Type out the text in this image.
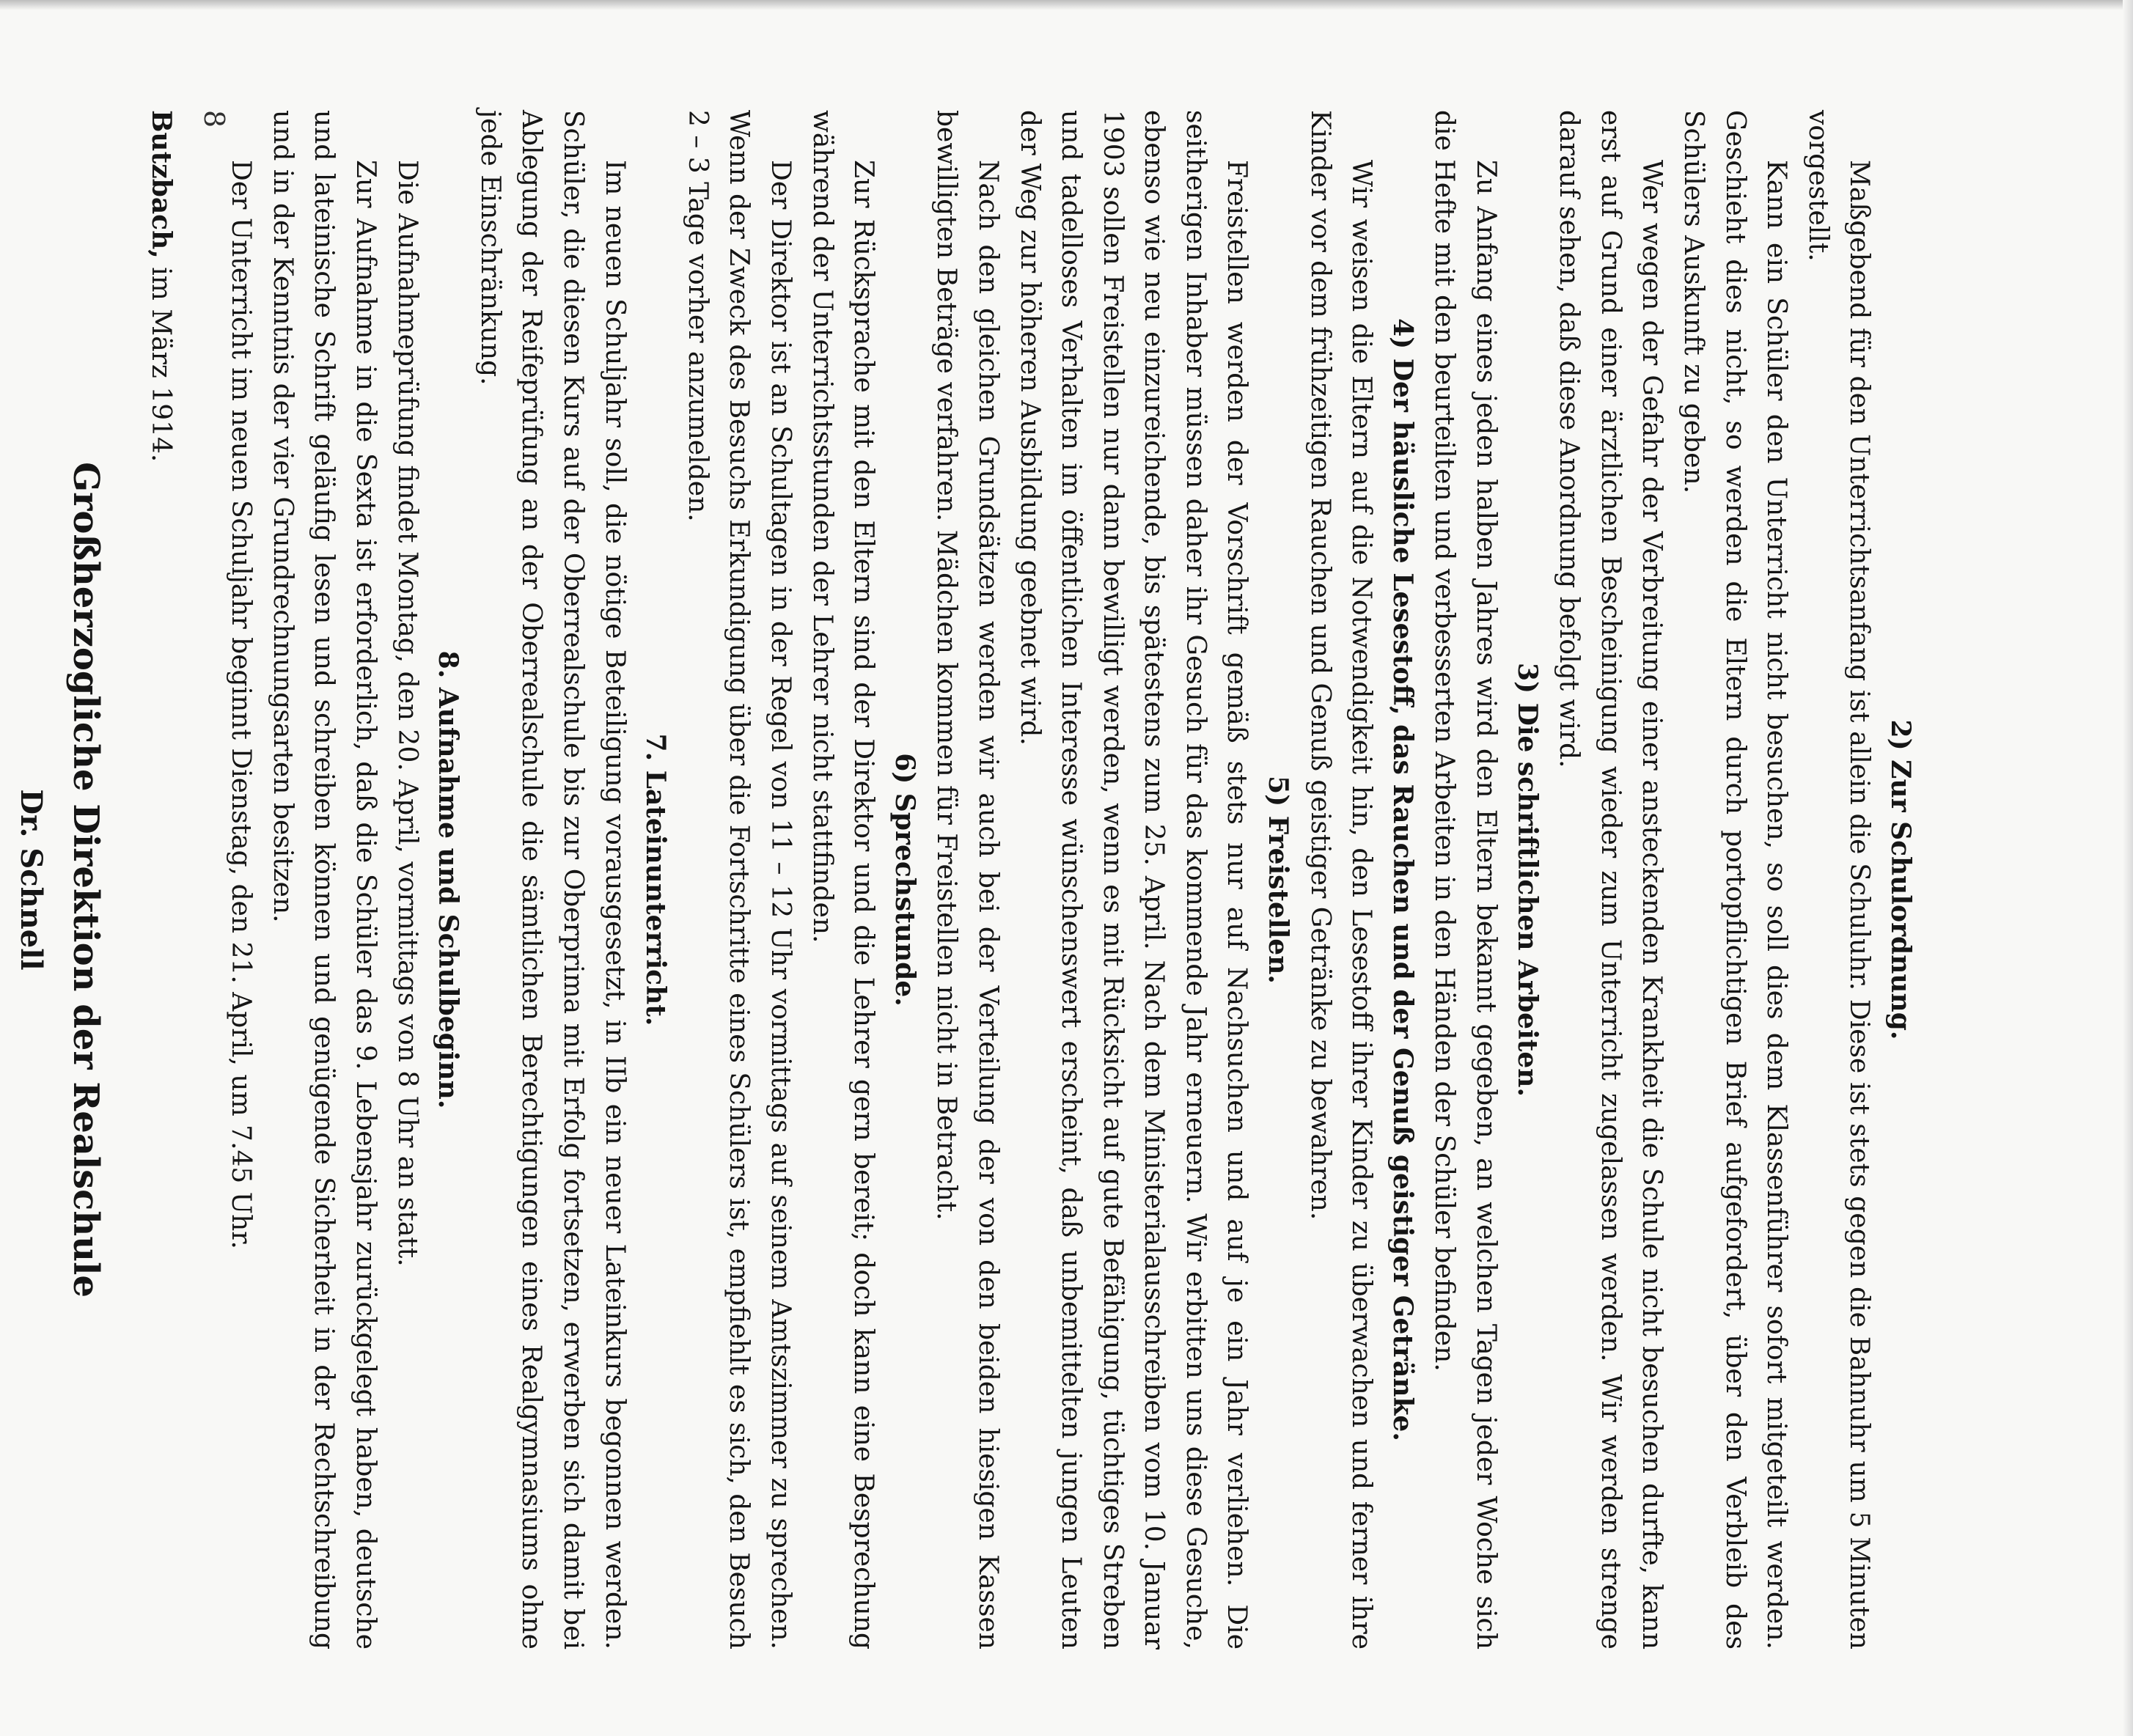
8

2) Zur Schulordnung.

Maßgebend für den Unterrichtsanfang ist allein die Schuluhr. Diese ist stets gegen die Bahnuhr um 5 Minuten vorgestellt.

Kann ein Schüler den Unterricht nicht besuchen, so soll dies dem Klassenführer sofort mitgeteilt werden. Geschieht dies nicht, so werden die Eltern durch portopflichtigen Brief aufgefordert, über den Verbleib des Schülers Auskunft zu geben.

Wer wegen der Gefahr der Verbreitung einer ansteckenden Krankheit die Schule nicht besuchen durfte, kann erst auf Grund einer ärztlichen Bescheinigung wieder zum Unterricht zugelassen werden. Wir werden strenge darauf sehen, daß diese Anordnung befolgt wird.

3) Die schriftlichen Arbeiten.

Zu Anfang eines jeden halben Jahres wird den Eltern bekannt gegeben, an welchen Tagen jeder Woche sich die Hefte mit den beurteilten und verbesserten Arbeiten in den Händen der Schüler befinden.

4) Der häusliche Lesestoff, das Rauchen und der Genuß geistiger Getränke.

Wir weisen die Eltern auf die Notwendigkeit hin, den Lesestoff ihrer Kinder zu überwachen und ferner ihre Kinder vor dem frühzeitigen Rauchen und Genuß geistiger Getränke zu bewahren.

5) Freistellen.

Freistellen werden der Vorschrift gemäß stets nur auf Nachsuchen und auf je ein Jahr verliehen. Die seitherigen Inhaber müssen daher ihr Gesuch für das kommende Jahr erneuern. Wir erbitten uns diese Gesuche, ebenso wie neu einzureichende, bis spätestens zum 25. April. Nach dem Ministerialausschreiben vom 10. Januar 1903 sollen Freistellen nur dann bewilligt werden, wenn es mit Rücksicht auf gute Befähigung, tüchtiges Streben und tadelloses Verhalten im öffentlichen Interesse wünschenswert erscheint, daß unbemittelten jungen Leuten der Weg zur höheren Ausbildung geebnet wird.

Nach den gleichen Grundsätzen werden wir auch bei der Verteilung der von den beiden hiesigen Kassen bewilligten Beträge verfahren. Mädchen kommen für Freistellen nicht in Betracht.

6) Sprechstunde.

Zur Rücksprache mit den Eltern sind der Direktor und die Lehrer gern bereit; doch kann eine Besprechung während der Unterrichtsstunden der Lehrer nicht stattfinden.

Der Direktor ist an Schultagen in der Regel von 11 – 12 Uhr vormittags auf seinem Amtszimmer zu sprechen. Wenn der Zweck des Besuchs Erkundigung über die Fortschritte eines Schülers ist, empfiehlt es sich, den Besuch 2 – 3 Tage vorher anzumelden.

7. Lateinunterricht.

Im neuen Schuljahr soll, die nötige Beteiligung vorausgesetzt, in IIb ein neuer Lateinkurs begonnen werden. Schüler, die diesen Kurs auf der Oberrealschule bis zur Oberprima mit Erfolg fortsetzen, erwerben sich damit bei Ablegung der Reifeprüfung an der Oberrealschule die sämtlichen Berechtigungen eines Realgymnasiums ohne jede Einschränkung.

8. Aufnahme und Schulbeginn.

Die Aufnahmeprüfung findet Montag, den 20. April, vormittags von 8 Uhr an statt.

Zur Aufnahme in die Sexta ist erforderlich, daß die Schüler das 9. Lebensjahr zurückgelegt haben, deutsche und lateinische Schrift geläufig lesen und schreiben können und genügende Sicherheit in der Rechtschreibung und in der Kenntnis der vier Grundrechnungsarten besitzen.

Der Unterricht im neuen Schuljahr beginnt Dienstag, den 21. April, um 7.45 Uhr.

Butzbach, im März 1914.

Großherzogliche Direktion der Realschule

Dr. Schnell
